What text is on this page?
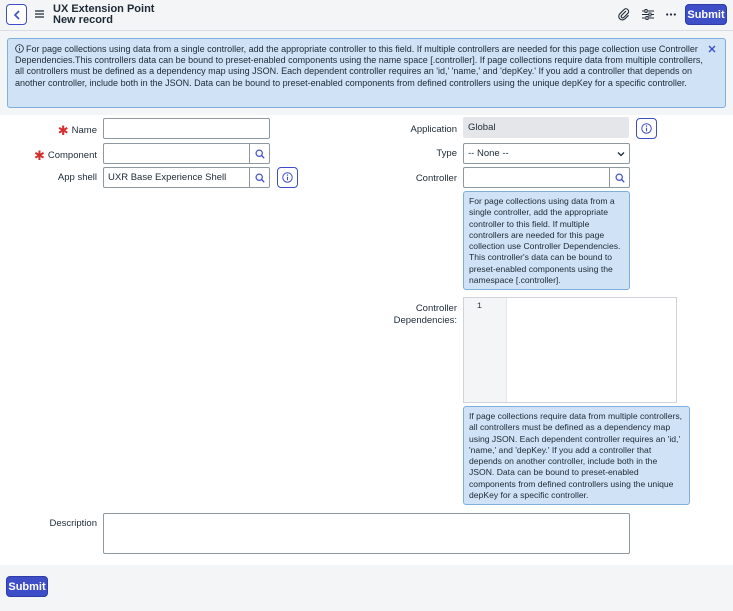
UX Extension Point
New record	Submit
For page collections using data from a single controller, add the appropriate controller to this field. If multiple controllers are needed for this page collection use Controller Dependencies.This controllers data can be bound to preset-enabled components using the name space [.controller]. If page collections require data from multiple controllers, all controllers must be defined as a dependency map using JSON. Each dependent controller requires an 'id,' 'name,' and 'depKey.' If you add a controller that depends on another controller, include both in the JSON. Data can be bound to preset-enabled components from defined controllers using the unique depKey for a specific controller.
✱ Name
✱ Component
App shell
UXR Base Experience Shell
Application
Global
Type -- None --
Controller
For page collections using data from a single controller, add the appropriate controller to this field. If multiple controllers are needed for this page collection use Controller Dependencies. This controller's data can be bound to preset-enabled components using the namespace [.controller].
Controller
Dependencies:
1
If page collections require data from multiple controllers, all controllers must be defined as a dependency map using JSON. Each dependent controller requires an 'id,' 'name,' and 'depKey.' If you add a controller that depends on another controller, include both in the JSON. Data can be bound to preset-enabled components from defined controllers using the unique depKey for a specific controller.
Description
Submit
